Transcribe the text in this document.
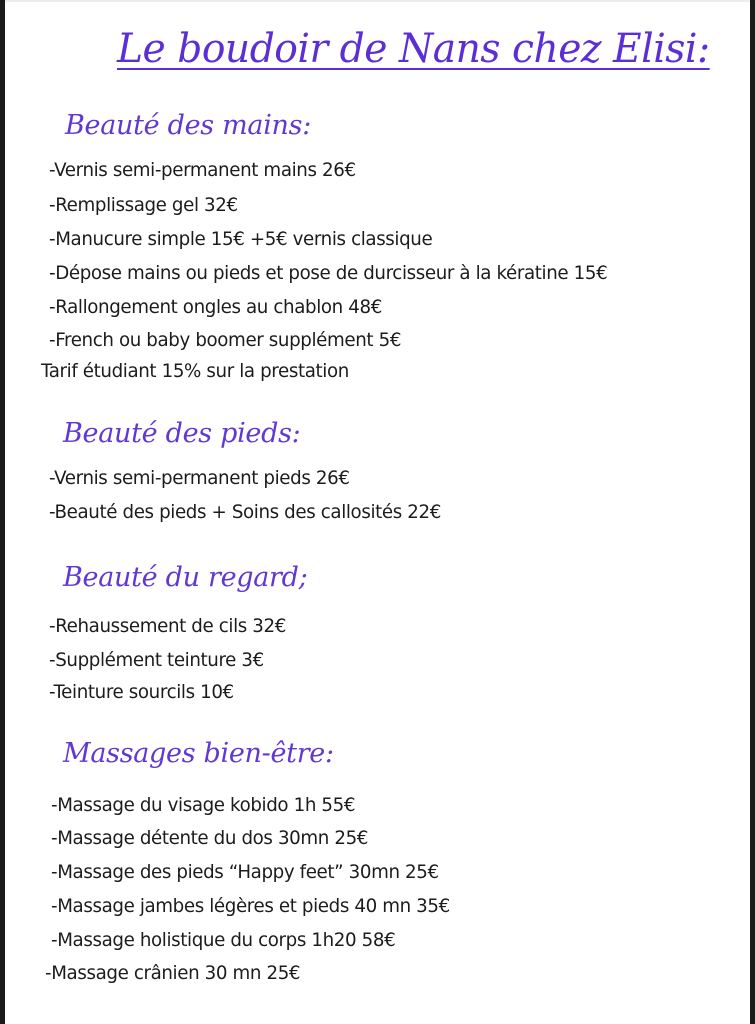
Le boudoir de Nans chez Elisi:
Beauté des mains:
-Vernis semi-permanent mains 26€
-Remplissage gel 32€
-Manucure simple 15€ +5€ vernis classique
-Dépose mains ou pieds et pose de durcisseur à la kératine 15€
-Rallongement ongles au chablon 48€
-French ou baby boomer supplément 5€
Tarif étudiant 15% sur la prestation
Beauté des pieds:
-Vernis semi-permanent pieds 26€
-Beauté des pieds + Soins des callosités 22€
Beauté du regard;
-Rehaussement de cils 32€
-Supplément teinture 3€
-Teinture sourcils 10€
Massages bien-être:
-Massage du visage kobido 1h 55€
-Massage détente du dos 30mn 25€
-Massage des pieds “Happy feet” 30mn 25€
-Massage jambes légères et pieds 40 mn 35€
-Massage holistique du corps 1h20 58€
-Massage crânien 30 mn 25€
